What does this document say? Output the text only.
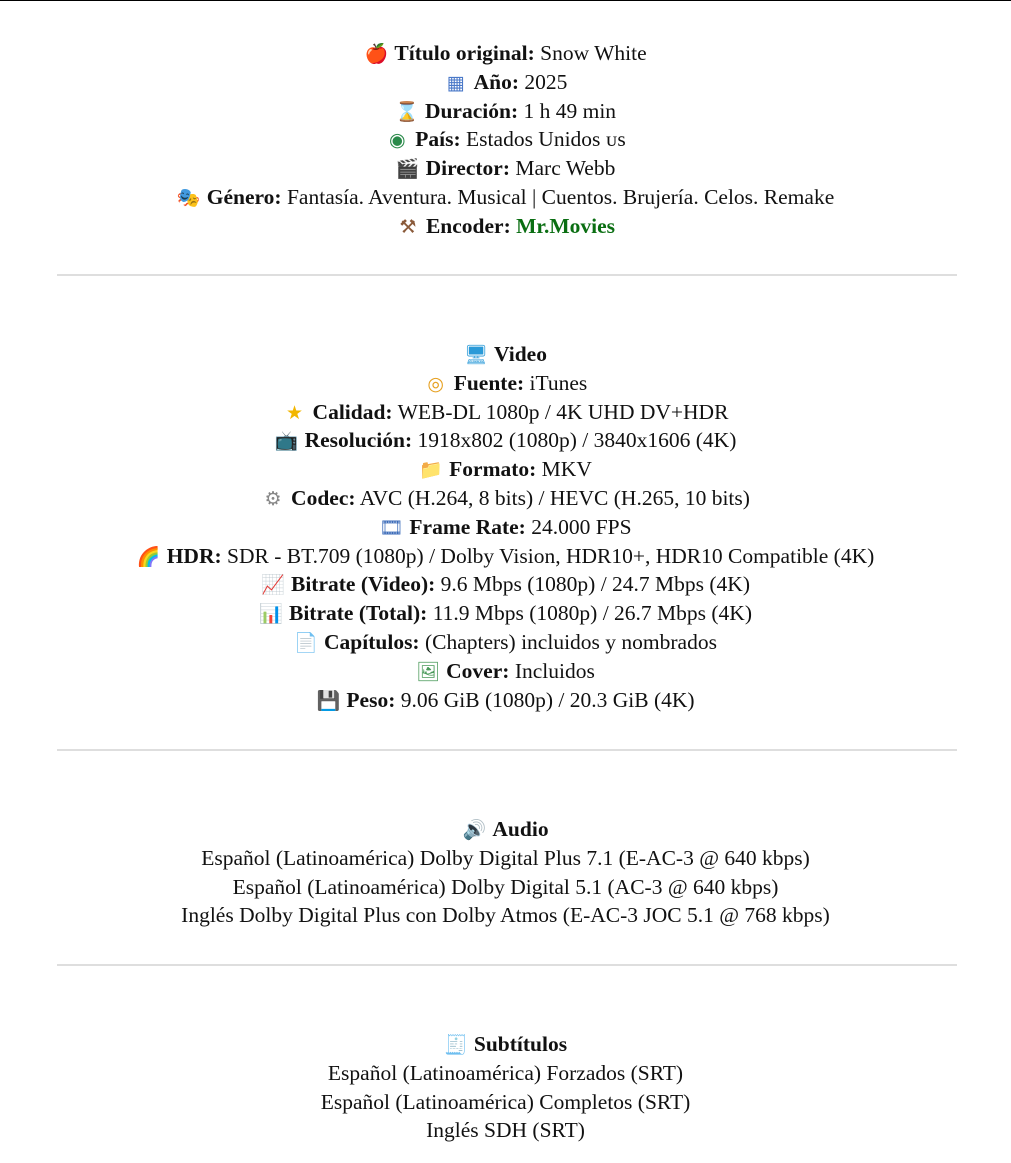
🍎 Título original: Snow White
▦ Año: 2025
⌛ Duración: 1 h 49 min
◉ País: Estados Unidos ᴜs
🎬 Director: Marc Webb
🎭 Género: Fantasía. Aventura. Musical | Cuentos. Brujería. Celos. Remake
⚒ Encoder: Mr.Movies
🖥 Video
◎ Fuente: iTunes
★ Calidad: WEB-DL 1080p / 4K UHD DV+HDR
📺 Resolución: 1918x802 (1080p) / 3840x1606 (4K)
📁 Formato: MKV
⚙ Codec: AVC (H.264, 8 bits) / HEVC (H.265, 10 bits)
🎞 Frame Rate: 24.000 FPS
🌈 HDR: SDR - BT.709 (1080p) / Dolby Vision, HDR10+, HDR10 Compatible (4K)
📈 Bitrate (Video): 9.6 Mbps (1080p) / 24.7 Mbps (4K)
📊 Bitrate (Total): 11.9 Mbps (1080p) / 26.7 Mbps (4K)
📄 Capítulos: (Chapters) incluidos y nombrados
🖼 Cover: Incluidos
💾 Peso: 9.06 GiB (1080p) / 20.3 GiB (4K)
🔊 Audio
Español (Latinoamérica) Dolby Digital Plus 7.1 (E-AC-3 @ 640 kbps)
Español (Latinoamérica) Dolby Digital 5.1 (AC-3 @ 640 kbps)
Inglés Dolby Digital Plus con Dolby Atmos (E-AC-3 JOC 5.1 @ 768 kbps)
🧾 Subtítulos
Español (Latinoamérica) Forzados (SRT)
Español (Latinoamérica) Completos (SRT)
Inglés SDH (SRT)
